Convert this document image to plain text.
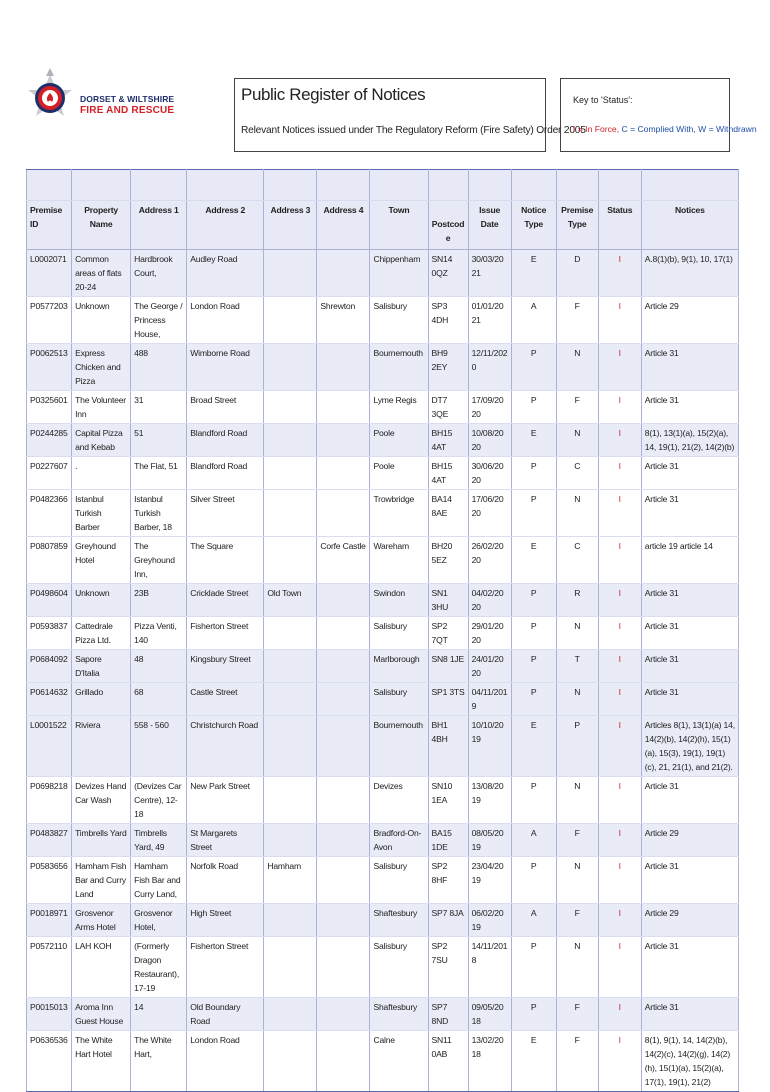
DORSET & WILTSHIRE
FIRE AND RESCUE
Public Register of Notices
Relevant Notices issued under The Regulatory Reform (Fire Safety) Order 2005
Key to 'Status':
I = In Force, C = Complied With, W = Withdrawn

Premise ID	Property Name	Address 1	Address 2	Address 3	Address 4	Town	Postcode	Issue Date	Notice Type	Premise Type	Status	Notices
L0002071	Common areas of flats 20-24	Hardbrook Court,	Audley Road			Chippenham	SN14 0QZ	30/03/2021	E	D	I	A.8(1)(b), 9(1), 10, 17(1)
P0577203	Unknown	The George / Princess House,	London Road		Shrewton	Salisbury	SP3 4DH	01/01/2021	A	F	I	Article 29
P0062513	Express Chicken and Pizza	488	Wimborne Road			Bournemouth	BH9 2EY	12/11/2020	P	N	I	Article 31
P0325601	The Volunteer Inn	31	Broad Street			Lyme Regis	DT7 3QE	17/09/2020	P	F	I	Article 31
P0244285	Capital Pizza and Kebab	51	Blandford Road			Poole	BH15 4AT	10/08/2020	E	N	I	8(1), 13(1)(a), 15(2)(a), 14, 19(1), 21(2), 14(2)(b)
P0227607	.	The Flat, 51	Blandford Road			Poole	BH15 4AT	30/06/2020	P	C	I	Article 31
P0482366	Istanbul Turkish Barber	Istanbul Turkish Barber, 18	Silver Street			Trowbridge	BA14 8AE	17/06/2020	P	N	I	Article 31
P0807859	Greyhound Hotel	The Greyhound Inn,	The Square		Corfe Castle	Wareham	BH20 5EZ	26/02/2020	E	C	I	article 19 article 14
P0498604	Unknown	23B	Cricklade Street	Old Town		Swindon	SN1 3HU	04/02/2020	P	R	I	Article 31
P0593837	Cattedrale Pizza Ltd.	Pizza Venti, 140	Fisherton Street			Salisbury	SP2 7QT	29/01/2020	P	N	I	Article 31
P0684092	Sapore D'Italia	48	Kingsbury Street			Marlborough	SN8 1JE	24/01/2020	P	T	I	Article 31
P0614632	Grillado	68	Castle Street			Salisbury	SP1 3TS	04/11/2019	P	N	I	Article 31
L0001522	Riviera	558 - 560	Christchurch Road			Bournemouth	BH1 4BH	10/10/2019	E	P	I	Articles 8(1), 13(1)(a) 14, 14(2)(b), 14(2)(h), 15(1)(a), 15(3), 19(1), 19(1)(c), 21, 21(1), and 21(2).
P0698218	Devizes Hand Car Wash	(Devizes Car Centre), 12-18	New Park Street			Devizes	SN10 1EA	13/08/2019	P	N	I	Article 31
P0483827	Timbrells Yard	Timbrells Yard, 49	St Margarets Street			Bradford-On-Avon	BA15 1DE	08/05/2019	A	F	I	Article 29
P0583656	Hamham Fish Bar and Curry Land	Hamham Fish Bar and Curry Land,	Norfolk Road	Hamham		Salisbury	SP2 8HF	23/04/2019	P	N	I	Article 31
P0018971	Grosvenor Arms Hotel	Grosvenor Hotel,	High Street			Shaftesbury	SP7 8JA	06/02/2019	A	F	I	Article 29
P0572110	LAH KOH	(Formerly Dragon Restaurant), 17-19	Fisherton Street			Salisbury	SP2 7SU	14/11/2018	P	N	I	Article 31
P0015013	Aroma Inn Guest House	14	Old Boundary Road			Shaftesbury	SP7 8ND	09/05/2018	P	F	I	Article 31
P0636536	The White Hart Hotel	The White Hart,	London Road			Calne	SN11 0AB	13/02/2018	E	F	I	8(1), 9(1), 14, 14(2)(b), 14(2)(c), 14(2)(g), 14(2)(h), 15(1)(a), 15(2)(a), 17(1), 19(1), 21(2)
